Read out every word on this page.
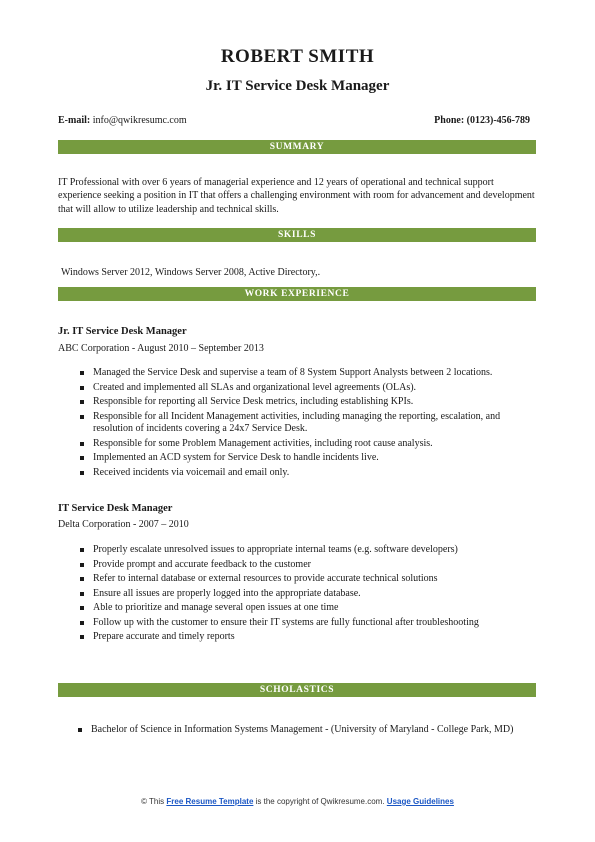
ROBERT SMITH
Jr. IT Service Desk Manager
E-mail: info@qwikresumc.com	Phone: (0123)-456-789
SUMMARY
IT Professional with over 6 years of managerial experience and 12 years of operational and technical support experience seeking a position in IT that offers a challenging environment with room for advancement and development that will allow to utilize leadership and technical skills.
SKILLS
Windows Server 2012, Windows Server 2008, Active Directory,.
WORK EXPERIENCE
Jr. IT Service Desk Manager
ABC Corporation - August 2010 – September 2013
Managed the Service Desk and supervise a team of 8 System Support Analysts between 2 locations.
Created and implemented all SLAs and organizational level agreements (OLAs).
Responsible for reporting all Service Desk metrics, including establishing KPIs.
Responsible for all Incident Management activities, including managing the reporting, escalation, and resolution of incidents covering a 24x7 Service Desk.
Responsible for some Problem Management activities, including root cause analysis.
Implemented an ACD system for Service Desk to handle incidents live.
Received incidents via voicemail and email only.
IT Service Desk Manager
Delta Corporation - 2007 – 2010
Properly escalate unresolved issues to appropriate internal teams (e.g. software developers)
Provide prompt and accurate feedback to the customer
Refer to internal database or external resources to provide accurate technical solutions
Ensure all issues are properly logged into the appropriate database.
Able to prioritize and manage several open issues at one time
Follow up with the customer to ensure their IT systems are fully functional after troubleshooting
Prepare accurate and timely reports
SCHOLASTICS
Bachelor of Science in Information Systems Management - (University of Maryland - College Park, MD)
© This Free Resume Template is the copyright of Qwikresume.com. Usage Guidelines
